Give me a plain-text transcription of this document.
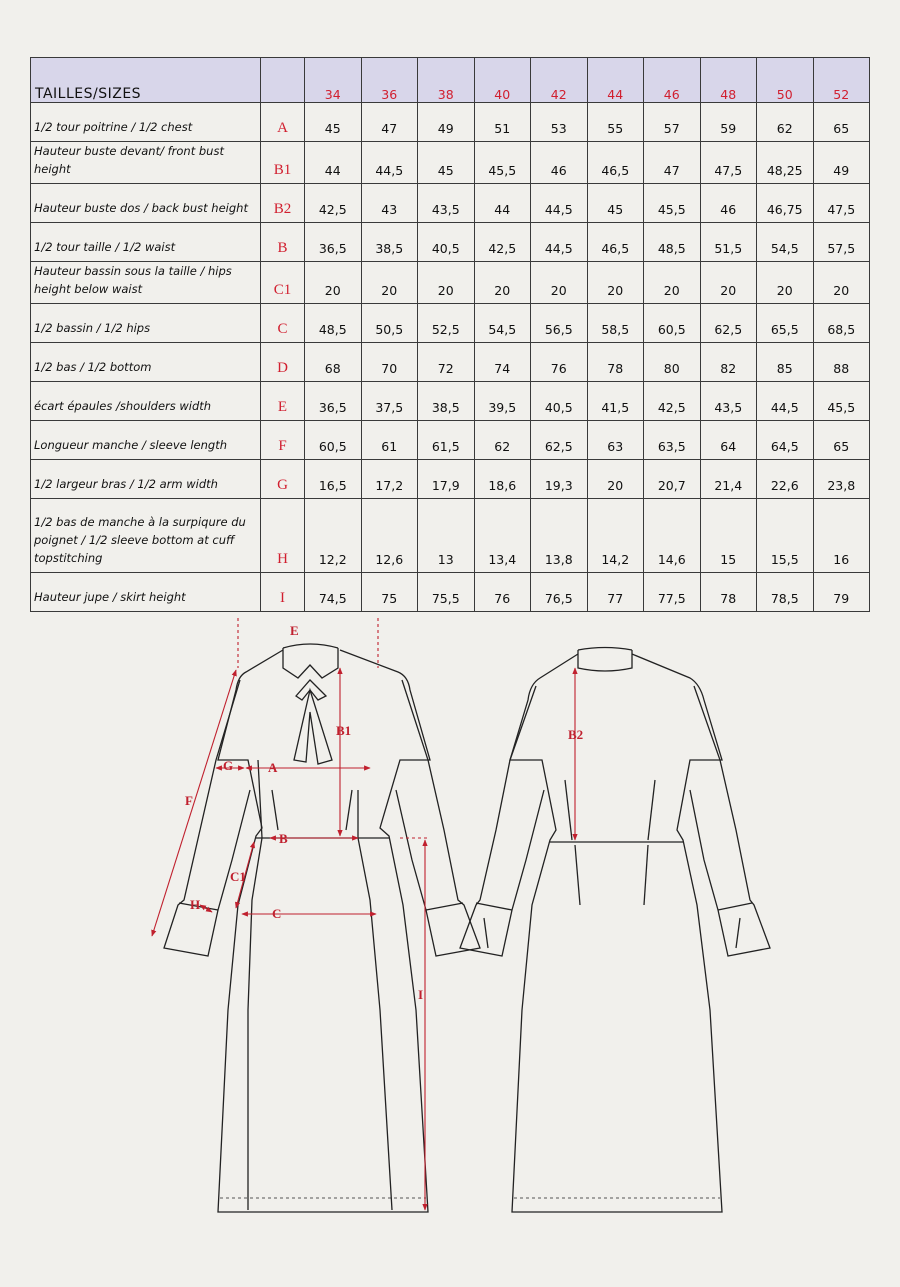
TAILLES/SIZES		34	36	38	40	42	44	46	48	50	52
1/2 tour poitrine / 1/2 chest	A	45	47	49	51	53	55	57	59	62	65
Hauteur buste devant/ front bust height	B1	44	44,5	45	45,5	46	46,5	47	47,5	48,25	49
Hauteur buste dos / back bust height	B2	42,5	43	43,5	44	44,5	45	45,5	46	46,75	47,5
1/2 tour taille / 1/2 waist	B	36,5	38,5	40,5	42,5	44,5	46,5	48,5	51,5	54,5	57,5
Hauteur bassin sous la taille / hips height below waist	C1	20	20	20	20	20	20	20	20	20	20
1/2 bassin / 1/2 hips	C	48,5	50,5	52,5	54,5	56,5	58,5	60,5	62,5	65,5	68,5
1/2 bas / 1/2 bottom	D	68	70	72	74	76	78	80	82	85	88
écart épaules /shoulders width	E	36,5	37,5	38,5	39,5	40,5	41,5	42,5	43,5	44,5	45,5
Longueur manche / sleeve length	F	60,5	61	61,5	62	62,5	63	63,5	64	64,5	65
1/2 largeur bras / 1/2 arm width	G	16,5	17,2	17,9	18,6	19,3	20	20,7	21,4	22,6	23,8
1/2 bas de manche à la surpiqure du poignet / 1/2 sleeve bottom at cuff topstitching	H	12,2	12,6	13	13,4	13,8	14,2	14,6	15	15,5	16
Hauteur jupe / skirt height	I	74,5	75	75,5	76	76,5	77	77,5	78	78,5	79
E
B1
G	A
F
B
C1
H
C
I
B2
